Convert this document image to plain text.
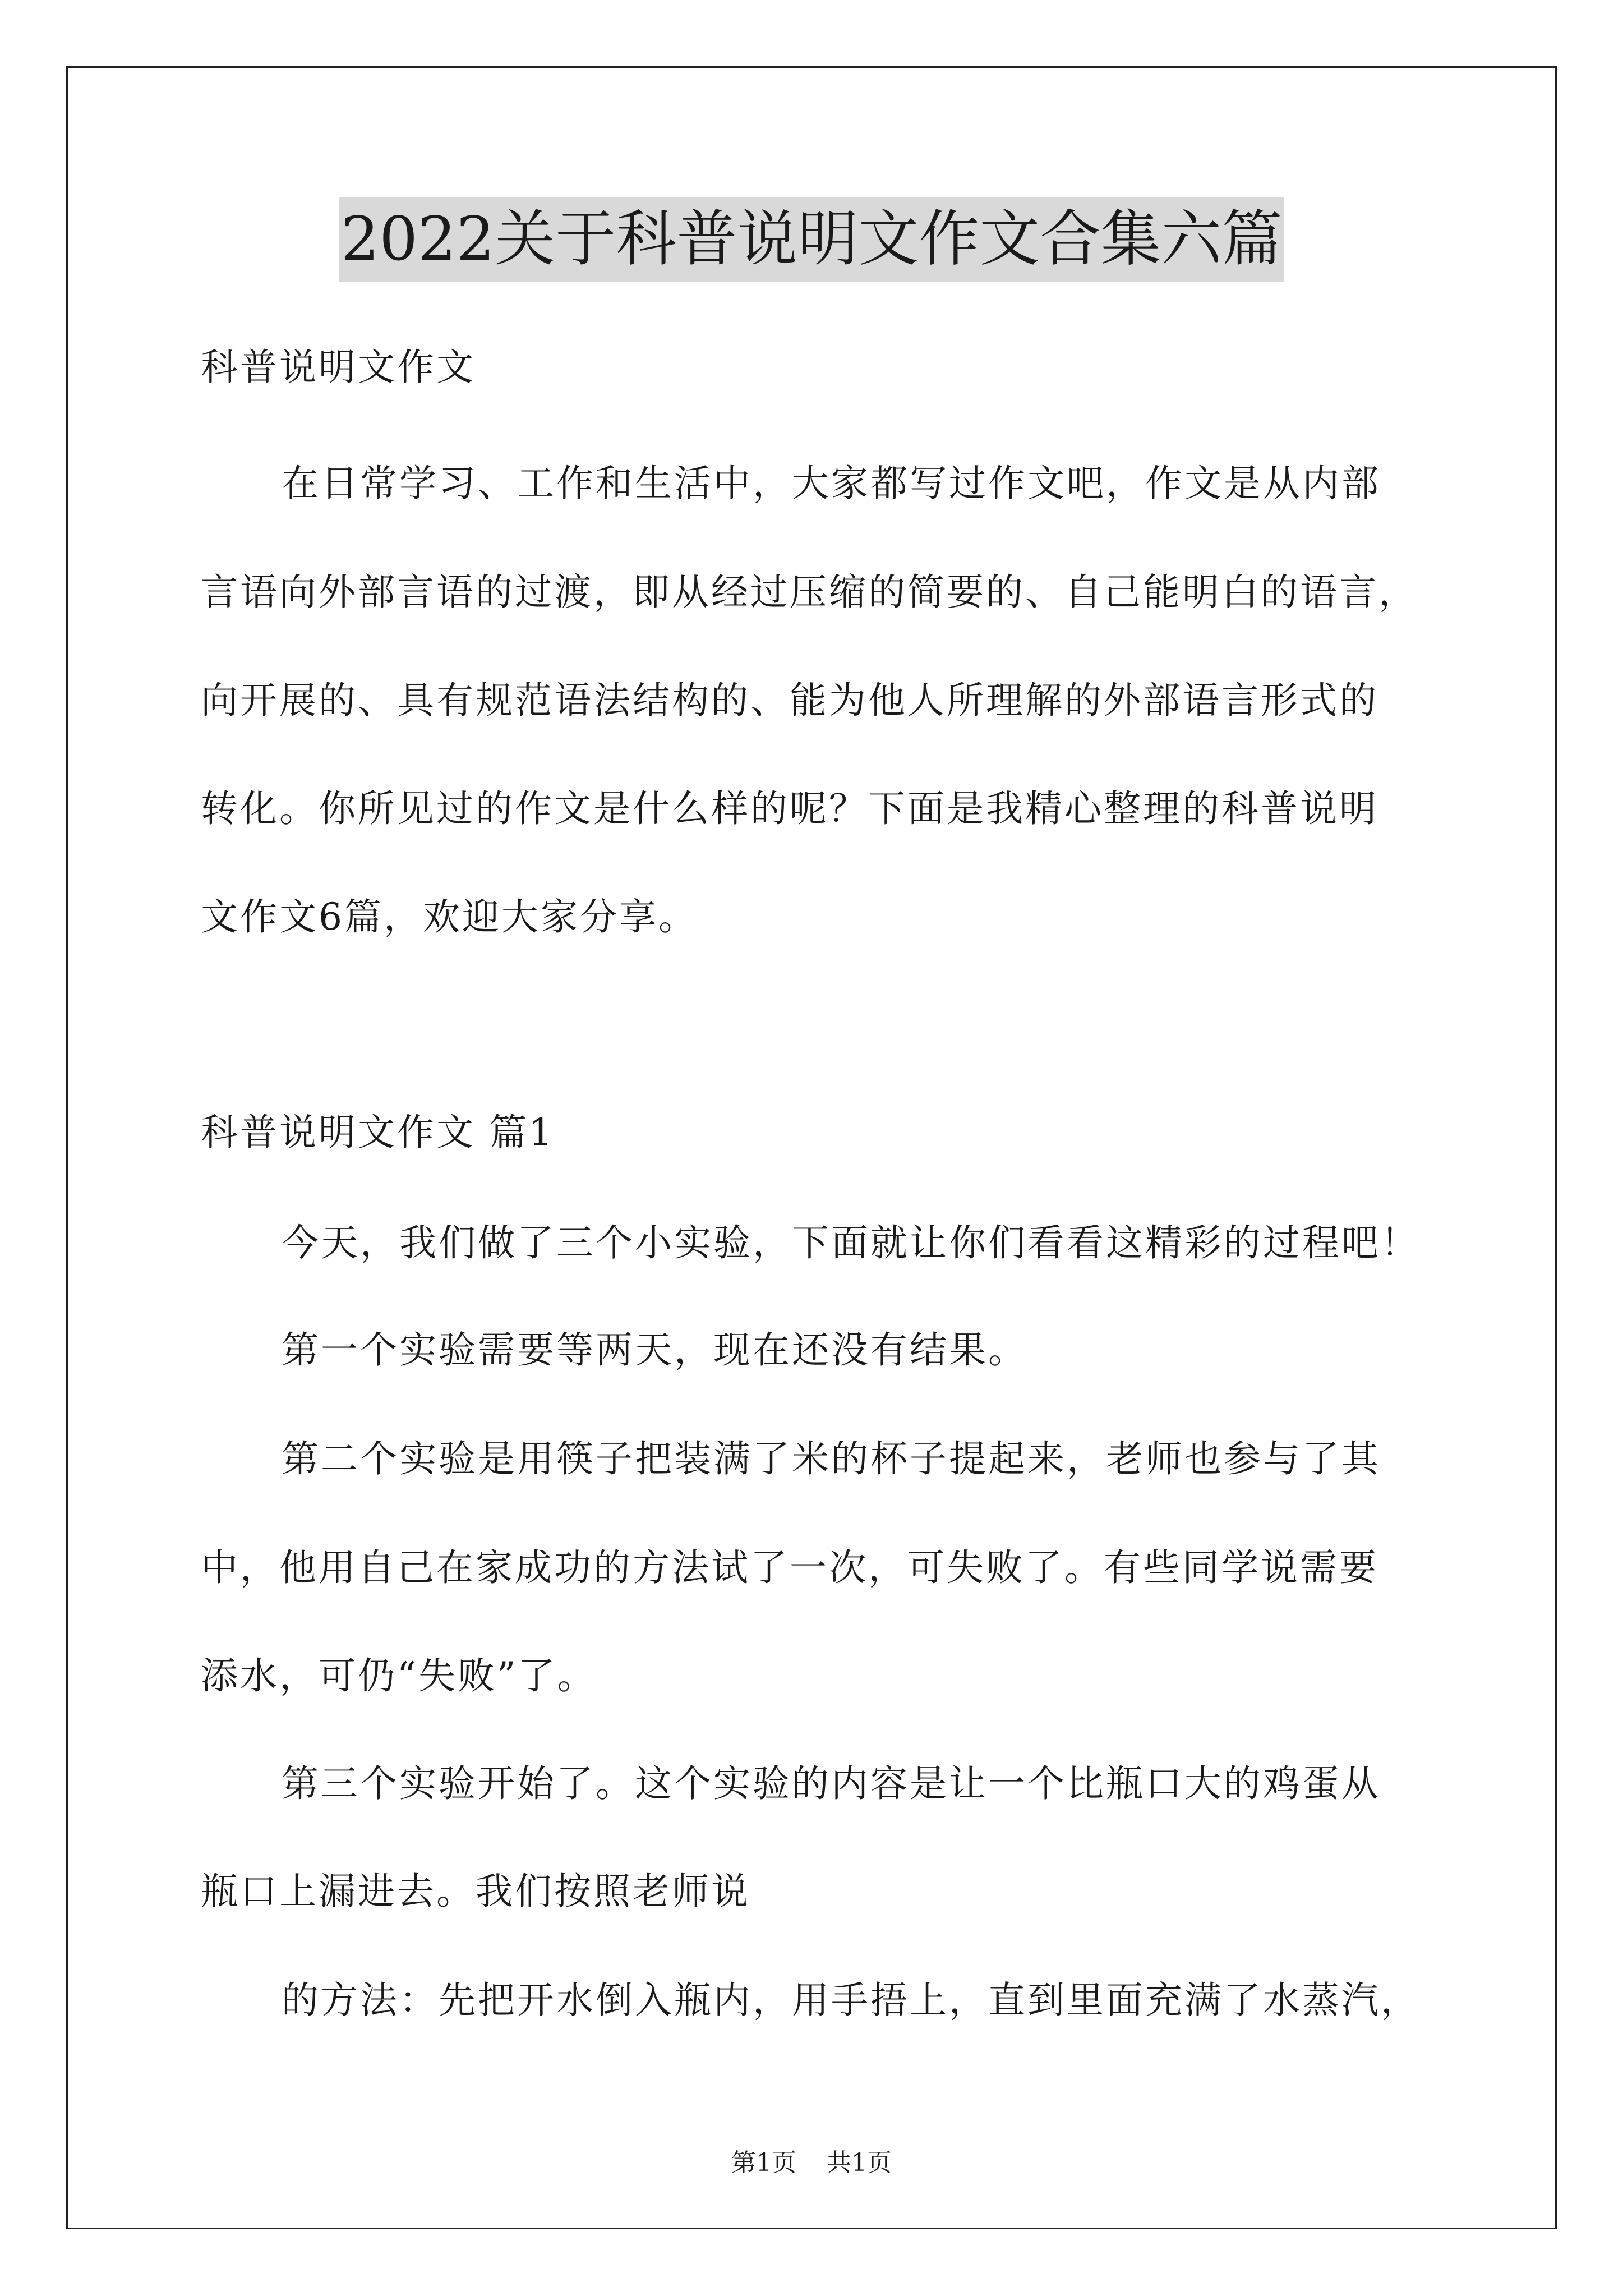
2022关于科普说明文作文合集六篇
科普说明文作文
在日常学习、工作和生活中，大家都写过作文吧，作文是从内部
言语向外部言语的过渡，即从经过压缩的简要的、自己能明白的语言，
向开展的、具有规范语法结构的、能为他人所理解的外部语言形式的
转化。你所见过的作文是什么样的呢？下面是我精心整理的科普说明
文作文6篇，欢迎大家分享。
科普说明文作文 篇1
今天，我们做了三个小实验，下面就让你们看看这精彩的过程吧！
第一个实验需要等两天，现在还没有结果。
第二个实验是用筷子把装满了米的杯子提起来，老师也参与了其
中，他用自己在家成功的方法试了一次，可失败了。有些同学说需要
添水，可仍“失败”了。
第三个实验开始了。这个实验的内容是让一个比瓶口大的鸡蛋从
瓶口上漏进去。我们按照老师说
的方法：先把开水倒入瓶内，用手捂上，直到里面充满了水蒸汽，
第1页 共1页
